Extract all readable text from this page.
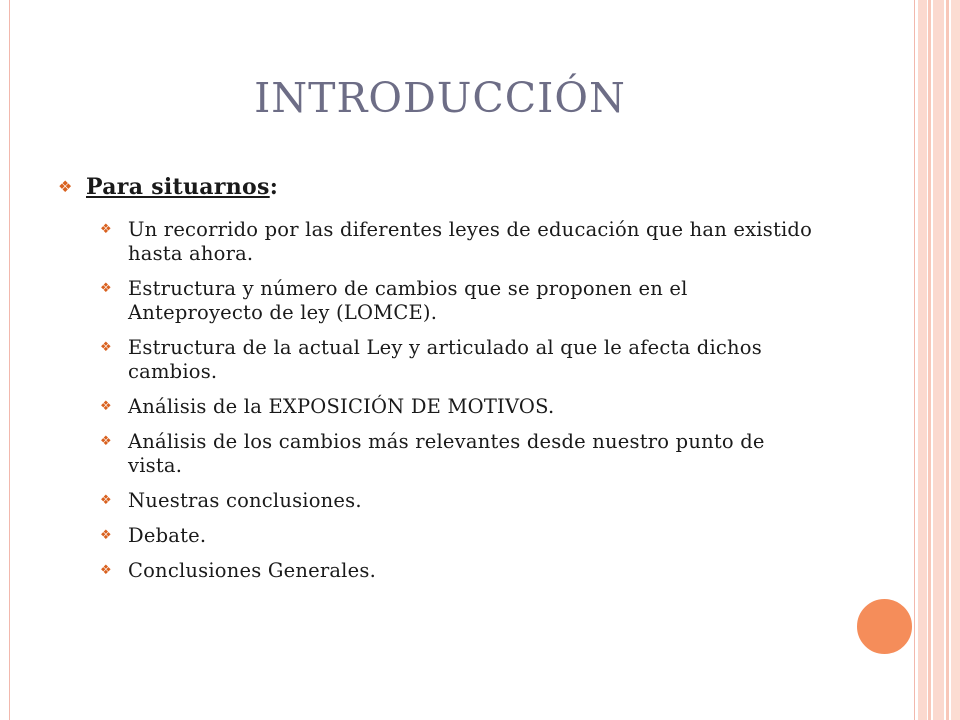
INTRODUCCIÓN
❖ Para situarnos:
❖ Un recorrido por las diferentes leyes de educación que han existido hasta ahora.
❖ Estructura y número de cambios que se proponen en el Anteproyecto de ley (LOMCE).
❖ Estructura de la actual Ley y articulado al que le afecta dichos cambios.
❖ Análisis de la EXPOSICIÓN DE MOTIVOS.
❖ Análisis de los cambios más relevantes desde nuestro punto de vista.
❖ Nuestras conclusiones.
❖ Debate.
❖ Conclusiones Generales.
